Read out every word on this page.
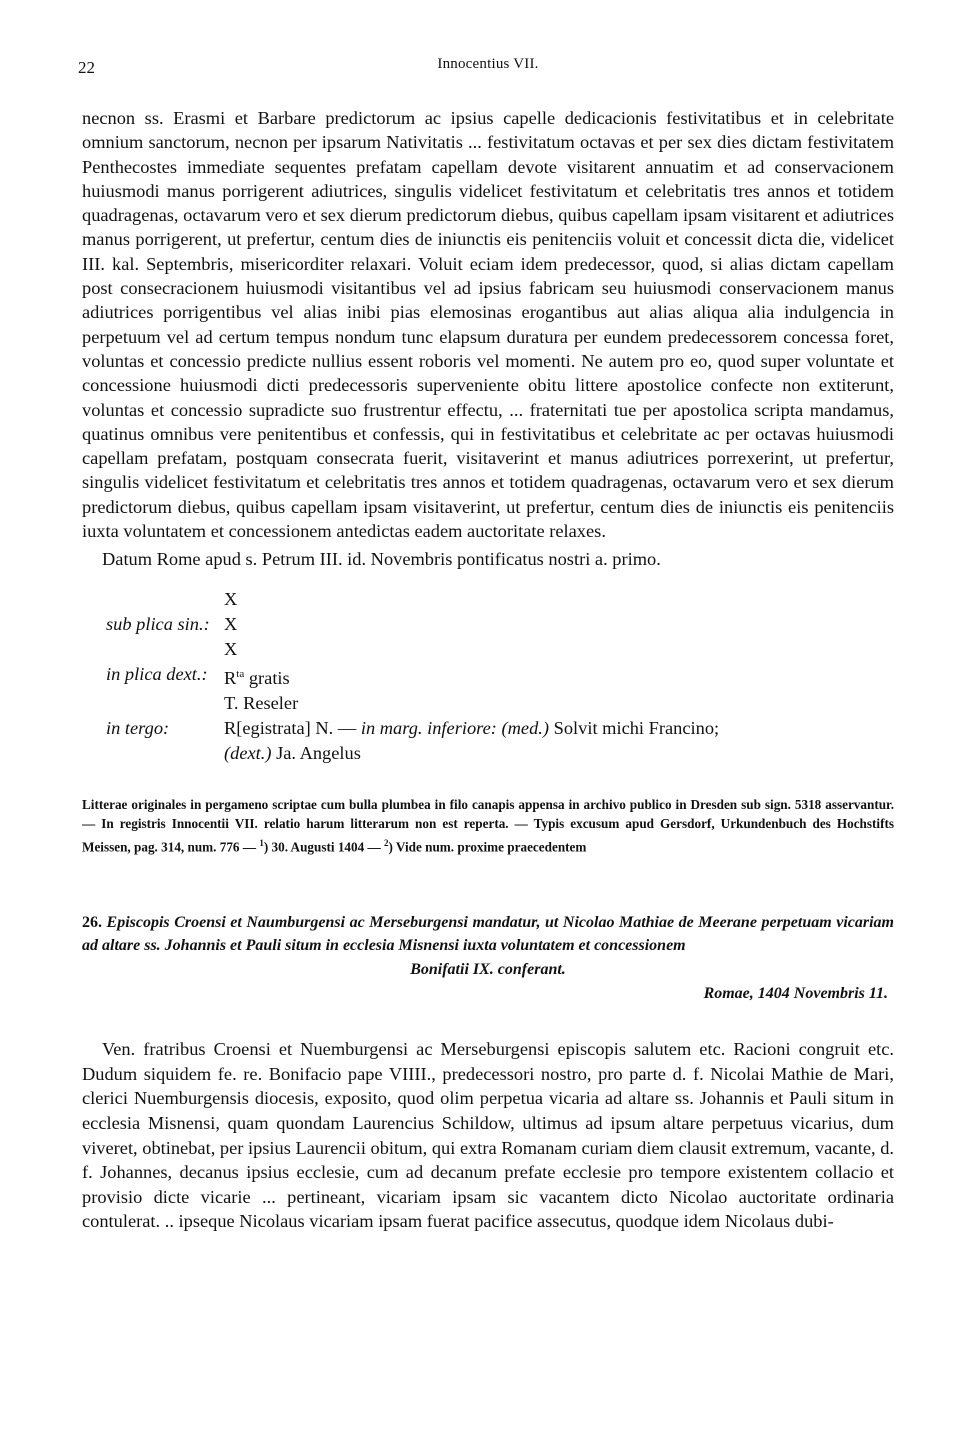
22	Innocentius VII.

necnon ss. Erasmi et Barbare predictorum ac ipsius capelle dedicacionis festivitatibus et in celebritate omnium sanctorum, necnon per ipsarum Nativitatis ... festivitatum octavas et per sex dies dictam festivitatem Penthecostes immediate sequentes prefatam capellam devote visitarent annuatim et ad conservacionem huiusmodi manus porrigerent adiutrices, singulis videlicet festivitatum et celebritatis tres annos et totidem quadragenas, octavarum vero et sex dierum predictorum diebus, quibus capellam ipsam visitarent et adiutrices manus porrigerent, ut prefertur, centum dies de iniunctis eis penitenciis voluit et concessit dicta die, videlicet III. kal. Septembris, misericorditer relaxari. Voluit eciam idem predecessor, quod, si alias dictam capellam post consecracionem huiusmodi visitantibus vel ad ipsius fabricam seu huiusmodi conservacionem manus adiutrices porrigentibus vel alias inibi pias elemosinas erogantibus aut alias aliqua alia indulgencia in perpetuum vel ad certum tempus nondum tunc elapsum duratura per eundem predecessorem concessa foret, voluntas et concessio predicte nullius essent roboris vel momenti. Ne autem pro eo, quod super voluntate et concessione huiusmodi dicti predecessoris superveniente obitu littere apostolice confecte non extiterunt, voluntas et concessio supradicte suo frustrentur effectu, ... fraternitati tue per apostolica scripta mandamus, quatinus omnibus vere penitentibus et confessis, qui in festivitatibus et celebritate ac per octavas huiusmodi capellam prefatam, postquam consecrata fuerit, visitaverint et manus adiutrices porrexerint, ut prefertur, singulis videlicet festivitatum et celebritatis tres annos et totidem quadragenas, octavarum vero et sex dierum predictorum diebus, quibus capellam ipsam visitaverint, ut prefertur, centum dies de iniunctis eis penitenciis iuxta voluntatem et concessionem antedictas eadem auctoritate relaxes.

Datum Rome apud s. Petrum III. id. Novembris pontificatus nostri a. primo.
X
sub plica sin.: X
X
in plica dext.: $R^{ta}$ gratis
T. Reseler
in tergo:	R[egistrata] N. — in marg. inferiore: (med.) Solvit michi Francino;
(dext.) Ja. Angelus
Litterae originales in pergameno scriptae cum bulla plumbea in filo canapis appensa in archivo publico in Dresden sub sign. 5318 asservantur. — In registris Innocentii VII. relatio harum litterarum non est reperta. — Typis excusum apud Gersdorf, Urkundenbuch des Hochstifts Meissen, pag. 314, num. 776 — $^1$) 30. Augusti 1404 — $^2$) Vide num. proxime praecedentem
26. Episcopis Croensi et Naumburgensi ac Merseburgensi mandatur, ut Nicolao Mathiae de Meerane perpetuam vicariam ad altare ss. Johannis et Pauli situm in ecclesia Misnensi iuxta voluntatem et concessionem
Bonifatii IX. conferant.
Romae, 1404 Novembris 11.

Ven. fratribus Croensi et Nuemburgensi ac Merseburgensi episcopis salutem etc. Racioni congruit etc. Dudum siquidem fe. re. Bonifacio pape VIIII., predecessori nostro, pro parte d. f. Nicolai Mathie de Mari, clerici Nuemburgensis diocesis, exposito, quod olim perpetua vicaria ad altare ss. Johannis et Pauli situm in ecclesia Misnensi, quam quondam Laurencius Schildow, ultimus ad ipsum altare perpetuus vicarius, dum viveret, obtinebat, per ipsius Laurencii obitum, qui extra Romanam curiam diem clausit extremum, vacante, d. f. Johannes, decanus ipsius ecclesie, cum ad decanum prefate ecclesie pro tempore existentem collacio et provisio dicte vicarie ... pertineant, vicariam ipsam sic vacantem dicto Nicolao auctoritate ordinaria contulerat. .. ipseque Nicolaus vicariam ipsam fuerat pacifice assecutus, quodque idem Nicolaus dubi-
